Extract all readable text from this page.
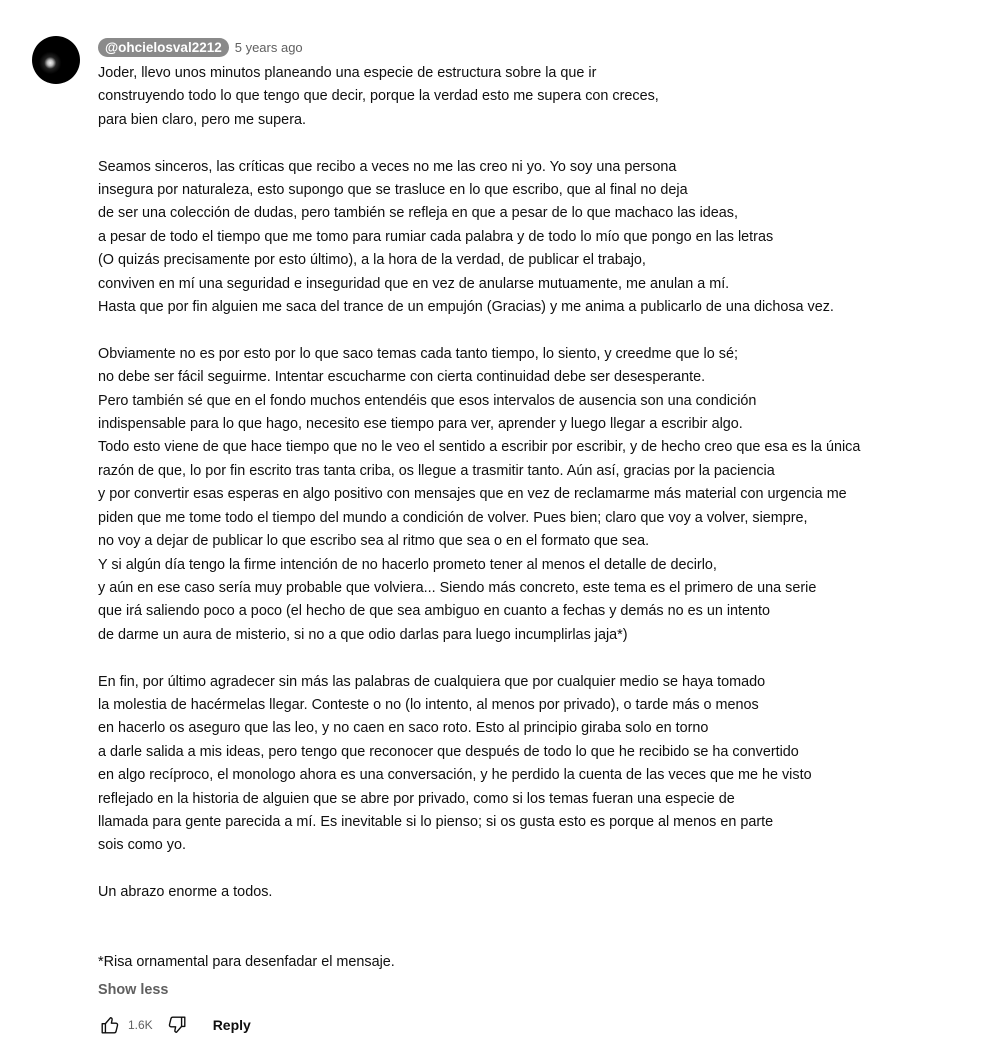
@ohcielosval2212	5 years ago

Joder, llevo unos minutos planeando una especie de estructura sobre la que ir
construyendo todo lo que tengo que decir, porque la verdad esto me supera con creces,
para bien claro, pero me supera.

Seamos sinceros, las críticas que recibo a veces no me las creo ni yo. Yo soy una persona
insegura por naturaleza, esto supongo que se trasluce en lo que escribo, que al final no deja
de ser una colección de dudas, pero también se refleja en que a pesar de lo que machaco las ideas,
a pesar de todo el tiempo que me tomo para rumiar cada palabra y de todo lo mío que pongo en las letras
(O quizás precisamente por esto último), a la hora de la verdad, de publicar el trabajo,
conviven en mí una seguridad e inseguridad que en vez de anularse mutuamente, me anulan a mí.
Hasta que por fin alguien me saca del trance de un empujón (Gracias) y me anima a publicarlo de una dichosa vez.

Obviamente no es por esto por lo que saco temas cada tanto tiempo, lo siento, y creedme que lo sé;
no debe ser fácil seguirme. Intentar escucharme con cierta continuidad debe ser desesperante.
Pero también sé que en el fondo muchos entendéis que esos intervalos de ausencia son una condición
indispensable para lo que hago, necesito ese tiempo para ver, aprender y luego llegar a escribir algo.
Todo esto viene de que hace tiempo que no le veo el sentido a escribir por escribir, y de hecho creo que esa es la única
razón de que, lo por fin escrito tras tanta criba, os llegue a trasmitir tanto. Aún así, gracias por la paciencia
y por convertir esas esperas en algo positivo con mensajes que en vez de reclamarme más material con urgencia me
piden que me tome todo el tiempo del mundo a condición de volver. Pues bien; claro que voy a volver, siempre,
no voy a dejar de publicar lo que escribo sea al ritmo que sea o en el formato que sea.
Y si algún día tengo la firme intención de no hacerlo prometo tener al menos el detalle de decirlo,
y aún en ese caso sería muy probable que volviera... Siendo más concreto, este tema es el primero de una serie
que irá saliendo poco a poco (el hecho de que sea ambiguo en cuanto a fechas y demás no es un intento
de darme un aura de misterio, si no a que odio darlas para luego incumplirlas jaja*)

En fin, por último agradecer sin más las palabras de cualquiera que por cualquier medio se haya tomado
la molestia de hacérmelas llegar. Conteste o no (lo intento, al menos por privado), o tarde más o menos
en hacerlo os aseguro que las leo, y no caen en saco roto. Esto al principio giraba solo en torno
a darle salida a mis ideas, pero tengo que reconocer que después de todo lo que he recibido se ha convertido
en algo recíproco, el monologo ahora es una conversación, y he perdido la cuenta de las veces que me he visto
reflejado en la historia de alguien que se abre por privado, como si los temas fueran una especie de
llamada para gente parecida a mí. Es inevitable si lo pienso; si os gusta esto es porque al menos en parte
sois como yo.

Un abrazo enorme a todos.

*Risa ornamental para desenfadar el mensaje.

Show less
1.6K	Reply
